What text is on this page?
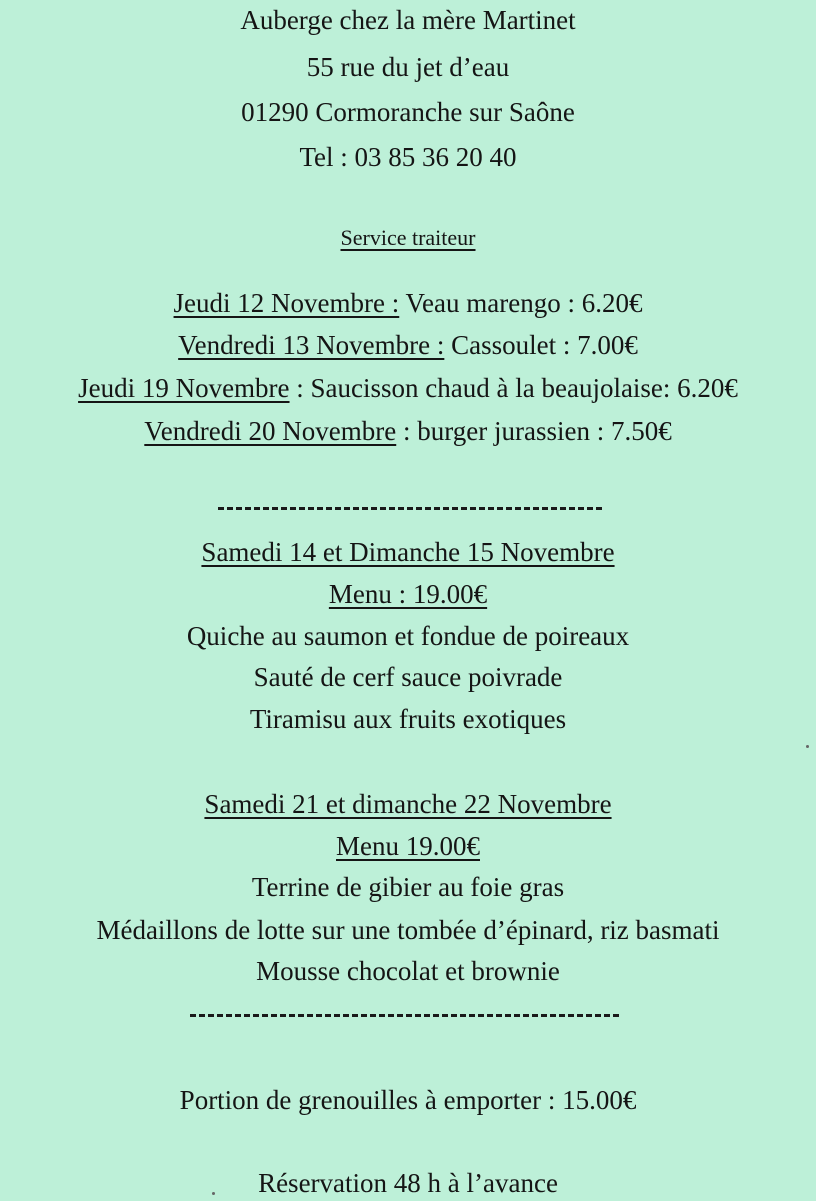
Auberge chez la mère Martinet
55 rue du jet d’eau
01290 Cormoranche sur Saône
Tel : 03 85 36 20 40
Service traiteur
Jeudi 12 Novembre : Veau marengo : 6.20€
Vendredi 13 Novembre : Cassoulet : 7.00€
Jeudi 19 Novembre : Saucisson chaud à la beaujolaise: 6.20€
Vendredi 20 Novembre : burger jurassien : 7.50€
Samedi 14 et Dimanche 15 Novembre
Menu : 19.00€
Quiche au saumon et fondue de poireaux
Sauté de cerf sauce poivrade
Tiramisu aux fruits exotiques
Samedi 21 et dimanche 22 Novembre
Menu 19.00€
Terrine de gibier au foie gras
Médaillons de lotte sur une tombée d’épinard, riz basmati
Mousse chocolat et brownie
Portion de grenouilles à emporter : 15.00€
Réservation 48 h à l’avance
